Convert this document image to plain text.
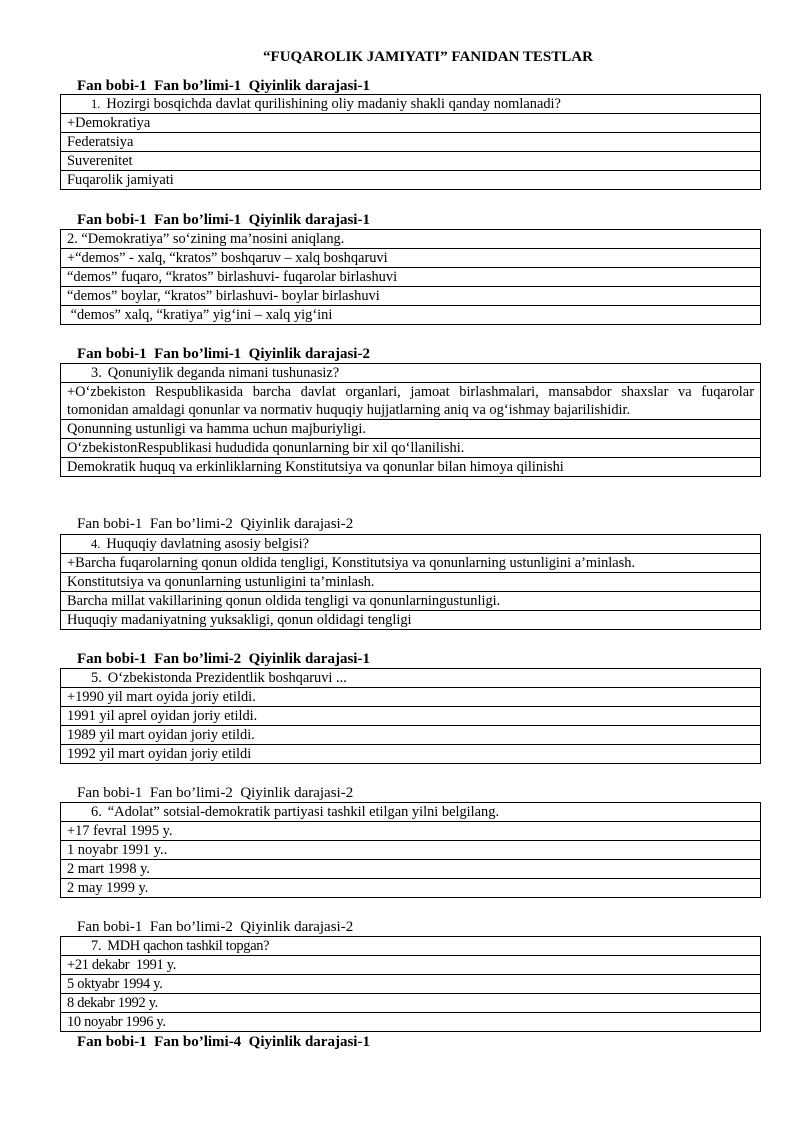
“FUQAROLIK JAMIYATI” FANIDAN TESTLAR
Fan bobi-1  Fan bo’limi-1  Qiyinlik darajasi-1
1. Hozirgi bosqichda davlat qurilishining oliy madaniy shakli qanday nomlanadi?
+Demokratiya
Federatsiya
Suverenitet
Fuqarolik jamiyati
Fan bobi-1  Fan bo’limi-1  Qiyinlik darajasi-1
2. “Demokratiya” so‘zining ma’nosini aniqlang.
+“demos” - xalq, “kratos” boshqaruv – xalq boshqaruvi
“demos” fuqaro, “kratos” birlashuvi- fuqarolar birlashuvi
“demos” boylar, “kratos” birlashuvi- boylar birlashuvi
“demos” xalq, “kratiya” yig‘ini – xalq yig‘ini
Fan bobi-1  Fan bo’limi-1  Qiyinlik darajasi-2
3. Qonuniylik deganda nimani tushunasiz?
+O‘zbekiston Respublikasida barcha davlat organlari, jamoat birlashmalari, mansabdor shaxslar va fuqarolar tomonidan amaldagi qonunlar va normativ huquqiy hujjatlarning aniq va og‘ishmay bajarilishidir.
Qonunning ustunligi va hamma uchun majburiyligi.
O‘zbekistonRespublikasi hududida qonunlarning bir xil qo‘llanilishi.
Demokratik huquq va erkinliklarning Konstitutsiya va qonunlar bilan himoya qilinishi
Fan bobi-1  Fan bo’limi-2  Qiyinlik darajasi-2
4. Huquqiy davlatning asosiy belgisi?
+Barcha fuqarolarning qonun oldida tengligi, Konstitutsiya va qonunlarning ustunligini a’minlash.
Konstitutsiya va qonunlarning ustunligini ta’minlash.
Barcha millat vakillarining qonun oldida tengligi va qonunlarningustunligi.
Huquqiy madaniyatning yuksakligi, qonun oldidagi tengligi
Fan bobi-1  Fan bo’limi-2  Qiyinlik darajasi-1
5. O‘zbekistonda Prezidentlik boshqaruvi ...
+1990 yil mart oyida joriy etildi.
1991 yil aprel oyidan joriy etildi.
1989 yil mart oyidan joriy etildi.
1992 yil mart oyidan joriy etildi
Fan bobi-1  Fan bo’limi-2  Qiyinlik darajasi-2
6. “Adolat” sotsial-demokratik partiyasi tashkil etilgan yilni belgilang.
+17 fevral 1995 y.
1 noyabr 1991 y..
2 mart 1998 y.
2 may 1999 y.
Fan bobi-1  Fan bo’limi-2  Qiyinlik darajasi-2
7. MDH qachon tashkil topgan?
+21 dekabr  1991 y.
5 oktyabr 1994 y.
8 dekabr 1992 y.
10 noyabr 1996 y.
Fan bobi-1  Fan bo’limi-4  Qiyinlik darajasi-1
